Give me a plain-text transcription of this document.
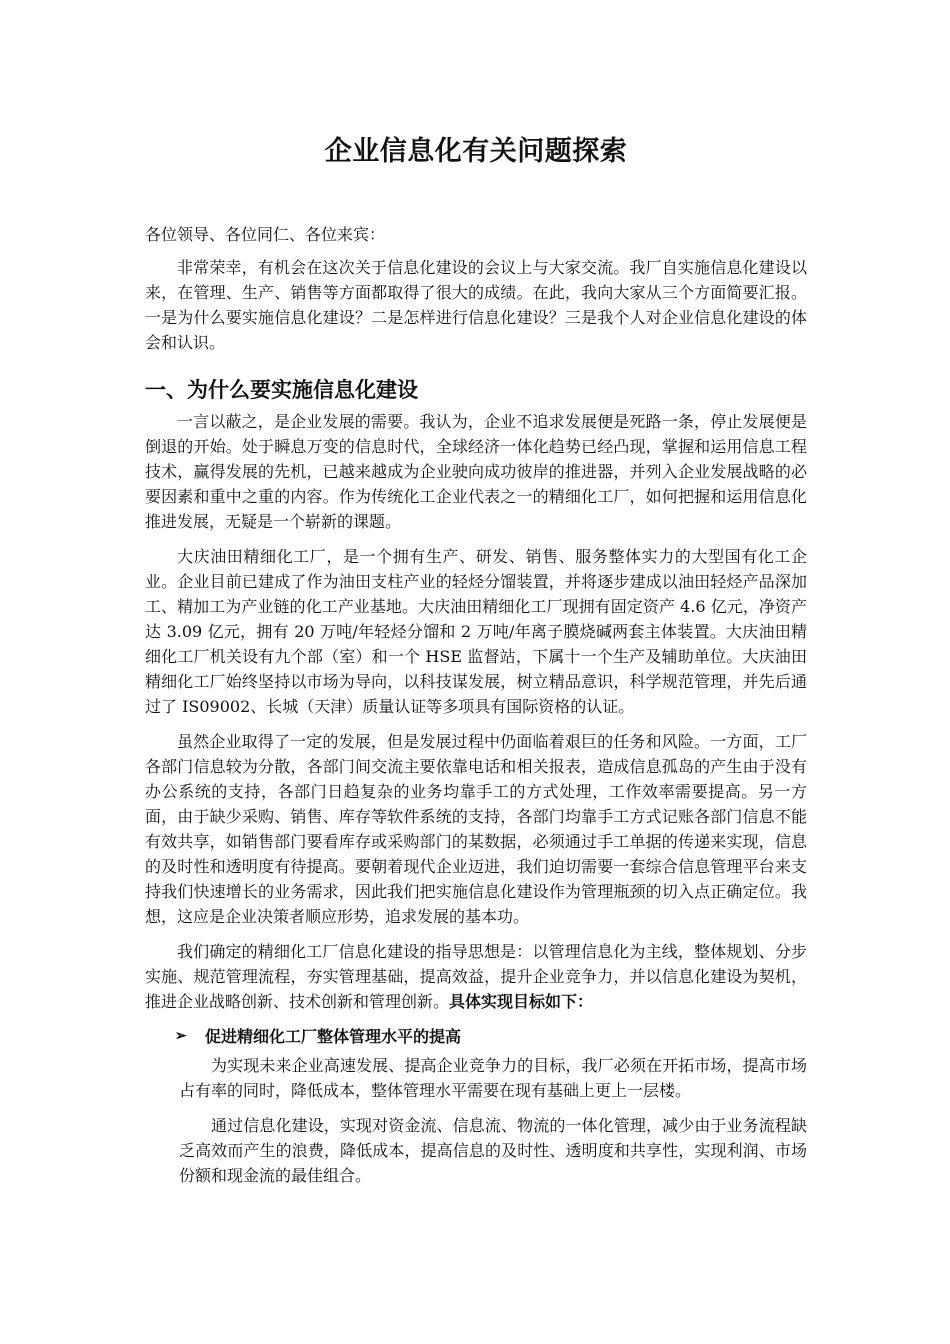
企业信息化有关问题探索

各位领导、各位同仁、各位来宾：

非常荣幸，有机会在这次关于信息化建设的会议上与大家交流。我厂自实施信息化建设以来，在管理、生产、销售等方面都取得了很大的成绩。在此，我向大家从三个方面简要汇报。一是为什么要实施信息化建设？二是怎样进行信息化建设？三是我个人对企业信息化建设的体会和认识。

一、为什么要实施信息化建设

一言以蔽之，是企业发展的需要。我认为，企业不追求发展便是死路一条，停止发展便是倒退的开始。处于瞬息万变的信息时代，全球经济一体化趋势已经凸现，掌握和运用信息工程技术，赢得发展的先机，已越来越成为企业驶向成功彼岸的推进器，并列入企业发展战略的必要因素和重中之重的内容。作为传统化工企业代表之一的精细化工厂，如何把握和运用信息化推进发展，无疑是一个崭新的课题。

大庆油田精细化工厂，是一个拥有生产、研发、销售、服务整体实力的大型国有化工企业。企业目前已建成了作为油田支柱产业的轻烃分馏装置，并将逐步建成以油田轻烃产品深加工、精加工为产业链的化工产业基地。大庆油田精细化工厂现拥有固定资产 4.6 亿元，净资产达 3.09 亿元，拥有 20 万吨/年轻烃分馏和 2 万吨/年离子膜烧碱两套主体装置。大庆油田精细化工厂机关设有九个部（室）和一个 HSE 监督站，下属十一个生产及辅助单位。大庆油田精细化工厂始终坚持以市场为导向，以科技谋发展，树立精品意识，科学规范管理，并先后通过了 IS09002、长城（天津）质量认证等多项具有国际资格的认证。

虽然企业取得了一定的发展，但是发展过程中仍面临着艰巨的任务和风险。一方面，工厂各部门信息较为分散，各部门间交流主要依靠电话和相关报表，造成信息孤岛的产生由于没有办公系统的支持，各部门日趋复杂的业务均靠手工的方式处理，工作效率需要提高。另一方面，由于缺少采购、销售、库存等软件系统的支持，各部门均靠手工方式记账各部门信息不能有效共享，如销售部门要看库存或采购部门的某数据，必须通过手工单据的传递来实现，信息的及时性和透明度有待提高。要朝着现代企业迈进，我们迫切需要一套综合信息管理平台来支持我们快速增长的业务需求，因此我们把实施信息化建设作为管理瓶颈的切入点正确定位。我想，这应是企业决策者顺应形势，追求发展的基本功。

我们确定的精细化工厂信息化建设的指导思想是：以管理信息化为主线，整体规划、分步实施、规范管理流程，夯实管理基础，提高效益，提升企业竞争力，并以信息化建设为契机，推进企业战略创新、技术创新和管理创新。具体实现目标如下：

➢	促进精细化工厂整体管理水平的提高

为实现未来企业高速发展、提高企业竞争力的目标，我厂必须在开拓市场，提高市场占有率的同时，降低成本，整体管理水平需要在现有基础上更上一层楼。

通过信息化建设，实现对资金流、信息流、物流的一体化管理，减少由于业务流程缺乏高效而产生的浪费，降低成本，提高信息的及时性、透明度和共享性，实现利润、市场份额和现金流的最佳组合。
